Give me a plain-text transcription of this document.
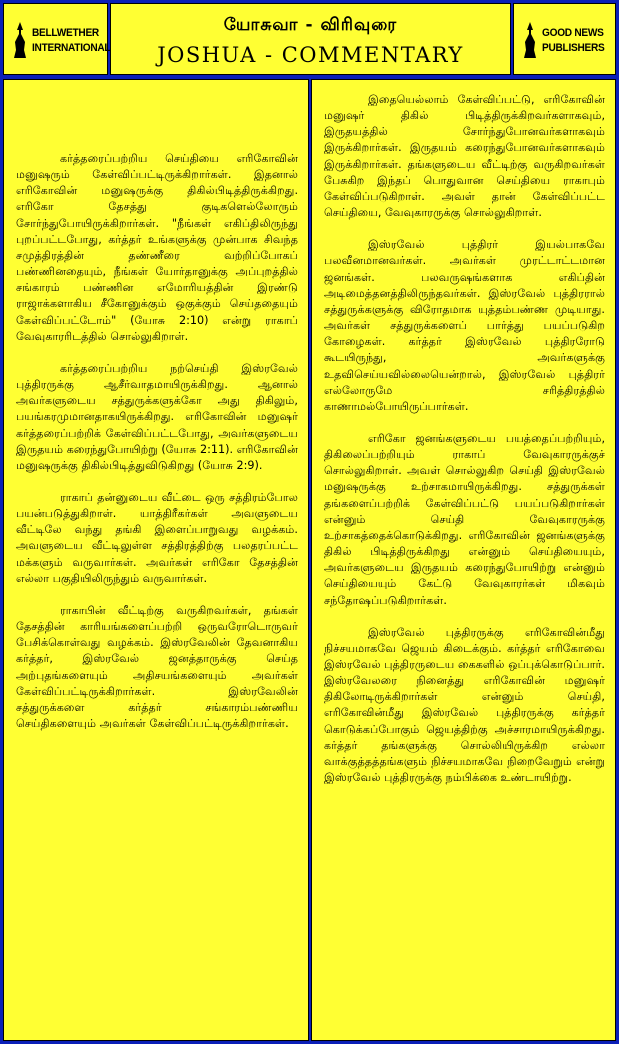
BELLWETHER
INTERNATIONAL
யோசுவா - விரிவுரை
JOSHUA - COMMENTARY
GOOD NEWS
PUBLISHERS

கர்த்தரைப்பற்றிய செய்தியை எரிகோவின் மனுஷரும் கேள்விப்பட்டிருக்கிறார்கள். இதனால் எரிகோவின் மனுஷருக்கு திகில்பிடித்திருக்கிறது. எரிகோ தேசத்து குடிகளெல்லோரும் சோர்ந்துபோயிருக்கிறார்கள். "நீங்கள் எகிப்திலிருந்து புறப்பட்டபோது, கர்த்தர் உங்களுக்கு முன்பாக சிவந்த சமுத்திரத்தின் தண்ணீரை வற்றிப்போகப் பண்ணினதையும், நீங்கள் யோர்தானுக்கு அப்புறத்தில் சங்காரம் பண்ணின எமோரியத்தின் இரண்டு ராஜாக்களாகிய சீகோனுக்கும் ஒகுக்கும் செய்ததையும் கேள்விப்பட்டோம்" (யோசு 2:10) என்று ராகாப் வேவுகாரரிடத்தில் சொல்லுகிறாள்.

கர்த்தரைப்பற்றிய நற்செய்தி இஸ்ரவேல் புத்திரருக்கு ஆசீர்வாதமாயிருக்கிறது. ஆனால் அவர்களுடைய சத்துருக்களுக்கோ அது திகிலும், பயங்கரமுமானதாகயிருக்கிறது. எரிகோவின் மனுஷர் கர்த்தரைப்பற்றிக் கேள்விப்பட்டபோது, அவர்களுடைய இருதயம் கரைந்துபோயிற்று (யோசு 2:11). எரிகோவின் மனுஷருக்கு திகில்பிடித்துவிடுகிறது (யோசு 2:9).

ராகாப் தன்னுடைய வீட்டை ஒரு சத்திரம்போல பயன்படுத்துகிறாள். யாத்திரீகர்கள் அவளுடைய வீட்டிலே வந்து தங்கி இளைப்பாறுவது வழக்கம். அவளுடைய வீட்டிலுள்ள சத்திரத்திற்கு பலதரப்பட்ட மக்களும் வருவார்கள். அவர்கள் எரிகோ தேசத்தின் எல்லா பகுதியிலிருந்தும் வருவார்கள்.

ராகாபின் வீட்டிற்கு வருகிறவர்கள், தங்கள் தேசத்தின் காரியங்களைப்பற்றி ஒருவரோடொருவர் பேசிக்கொள்வது வழக்கம். இஸ்ரவேலின் தேவனாகிய கர்த்தர், இஸ்ரவேல் ஜனத்தாருக்கு செய்த அற்புதங்களையும் அதிசயங்களையும் அவர்கள் கேள்விப்பட்டிருக்கிறார்கள். இஸ்ரவேலின் சத்துருக்களை கர்த்தர் சங்காரம்பண்ணிய செய்திகளையும் அவர்கள் கேள்விப்பட்டிருக்கிறார்கள்.

இதையெல்லாம் கேள்விப்பட்டு, எரிகோவின் மனுஷர் திகில் பிடித்திருக்கிறவர்களாகவும், இருதயத்தில் சோர்ந்துபோனவர்களாகவும் இருக்கிறார்கள். இருதயம் கரைந்துபோனவர்களாகவும் இருக்கிறார்கள். தங்களுடைய வீட்டிற்கு வருகிறவர்கள் பேசுகிற இந்தப் பொதுவான செய்தியை ராகாபும் கேள்விப்படுகிறாள். அவள் தான் கேள்விப்பட்ட செய்தியை, வேவுகாரருக்கு சொல்லுகிறாள்.

இஸ்ரவேல் புத்திரர் இயல்பாகவே பலவீனமானவர்கள். அவர்கள் முரட்டாட்டமான ஜனங்கள். பலவருஷங்களாக எகிப்தின் அடிமைத்தனத்திலிருந்தவர்கள். இஸ்ரவேல் புத்திரரால் சத்துருக்களுக்கு விரோதமாக யுத்தம்பண்ண முடியாது. அவர்கள் சத்துருக்களைப் பார்த்து பயப்படுகிற கோழைகள். கர்த்தர் இஸ்ரவேல் புத்திரரோடு கூடயிருந்து, அவர்களுக்கு உதவிசெய்யவில்லையென்றால், இஸ்ரவேல் புத்திரர் எல்லோருமே சரித்திரத்தில் காணாமல்போயிருப்பார்கள்.

எரிகோ ஜனங்களுடைய பயத்தைப்பற்றியும், திகிலைப்பற்றியும் ராகாப் வேவுகாரருக்குச் சொல்லுகிறாள். அவள் சொல்லுகிற செய்தி இஸ்ரவேல் மனுஷருக்கு உற்சாகமாயிருக்கிறது. சத்துருக்கள் தங்களைப்பற்றிக் கேள்விப்பட்டு பயப்படுகிறார்கள் என்னும் செய்தி வேவுகாரருக்கு உற்சாகத்தைக்கொடுக்கிறது. எரிகோவின் ஜனங்களுக்கு திகில் பிடித்திருக்கிறது என்னும் செய்தியையும், அவர்களுடைய இருதயம் கரைந்துபோயிற்று என்னும் செய்தியையும் கேட்டு வேவுகாரர்கள் மிகவும் சந்தோஷப்படுகிறார்கள்.

இஸ்ரவேல் புத்திரருக்கு எரிகோவின்மீது நிச்சயமாகவே ஜெயம் கிடைக்கும். கர்த்தர் எரிகோவை இஸ்ரவேல் புத்திரருடைய கைகளில் ஒப்புக்கொடுப்பார். இஸ்ரவேலரை நினைத்து எரிகோவின் மனுஷர் திகிலோடிருக்கிறார்கள் என்னும் செய்தி, எரிகோவின்மீது இஸ்ரவேல் புத்திரருக்கு கர்த்தர் கொடுக்கப்போகும் ஜெயத்திற்கு அச்சாரமாயிருக்கிறது. கர்த்தர் தங்களுக்கு சொல்லியிருக்கிற எல்லா வாக்குத்தத்தங்களும் நிச்சயமாகவே நிறைவேறும் என்று இஸ்ரவேல் புத்திரருக்கு நம்பிக்கை உண்டாயிற்று.
